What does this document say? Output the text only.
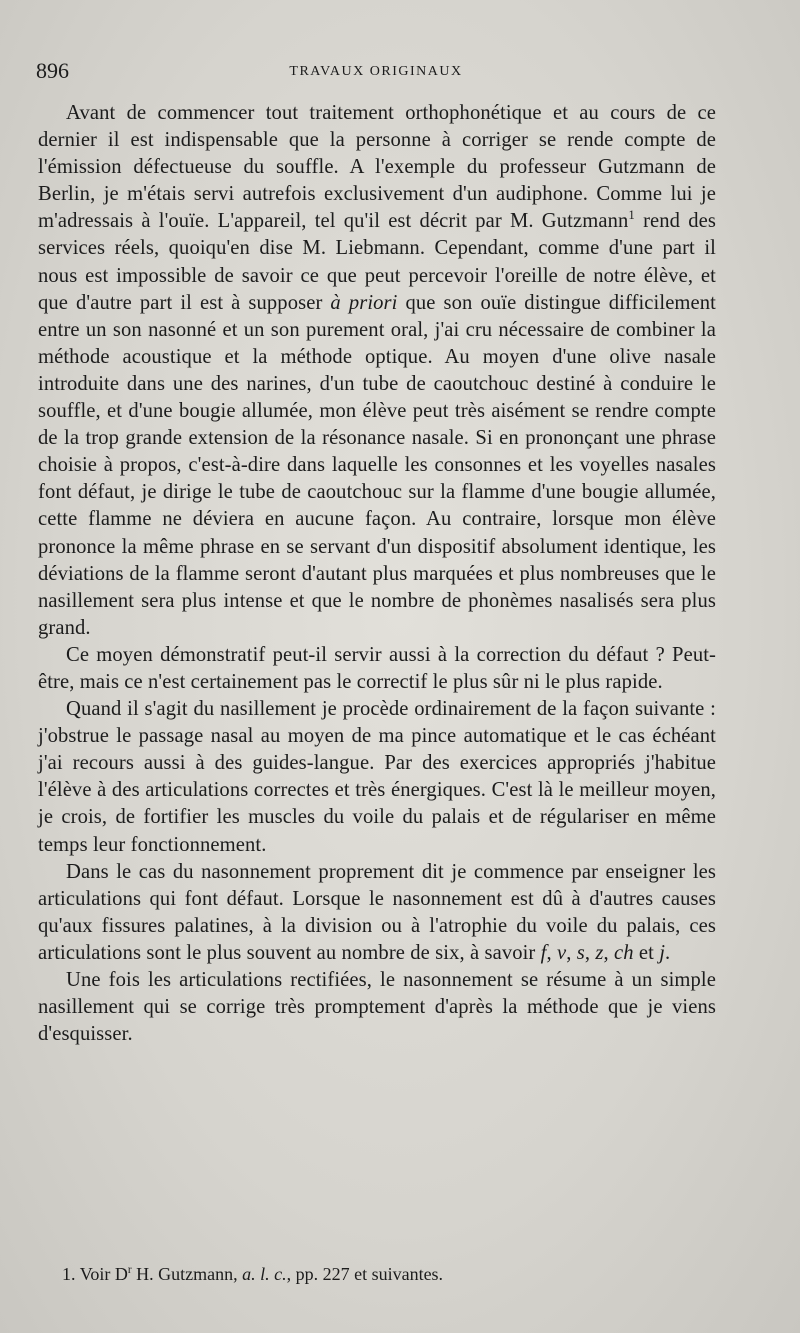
896	TRAVAUX ORIGINAUX

Avant de commencer tout traitement orthophonétique et au cours de ce dernier il est indispensable que la personne à corriger se rende compte de l'émission défectueuse du souffle. A l'exemple du professeur Gutzmann de Berlin, je m'étais servi autrefois exclusivement d'un audiphone. Comme lui je m'adressais à l'ouïe. L'appareil, tel qu'il est décrit par M. Gutzmann$^1$ rend des services réels, quoiqu'en dise M. Liebmann. Cependant, comme d'une part il nous est impossible de savoir ce que peut percevoir l'oreille de notre élève, et que d'autre part il est à supposer à priori que son ouïe distingue difficilement entre un son nasonné et un son purement oral, j'ai cru nécessaire de combiner la méthode acoustique et la méthode optique. Au moyen d'une olive nasale introduite dans une des narines, d'un tube de caoutchouc destiné à conduire le souffle, et d'une bougie allumée, mon élève peut très aisément se rendre compte de la trop grande extension de la résonance nasale. Si en prononçant une phrase choisie à propos, c'est-à-dire dans laquelle les consonnes et les voyelles nasales font défaut, je dirige le tube de caoutchouc sur la flamme d'une bougie allumée, cette flamme ne déviera en aucune façon. Au contraire, lorsque mon élève prononce la même phrase en se servant d'un dispositif absolument identique, les déviations de la flamme seront d'autant plus marquées et plus nombreuses que le nasillement sera plus intense et que le nombre de phonèmes nasalisés sera plus grand.

Ce moyen démonstratif peut-il servir aussi à la correction du défaut ? Peut-être, mais ce n'est certainement pas le correctif le plus sûr ni le plus rapide.

Quand il s'agit du nasillement je procède ordinairement de la façon suivante : j'obstrue le passage nasal au moyen de ma pince automatique et le cas échéant j'ai recours aussi à des guides-langue. Par des exercices appropriés j'habitue l'élève à des articulations correctes et très énergiques. C'est là le meilleur moyen, je crois, de fortifier les muscles du voile du palais et de régulariser en même temps leur fonctionnement.

Dans le cas du nasonnement proprement dit je commence par enseigner les articulations qui font défaut. Lorsque le nasonnement est dû à d'autres causes qu'aux fissures palatines, à la division ou à l'atrophie du voile du palais, ces articulations sont le plus souvent au nombre de six, à savoir f, v, s, z, ch et j.

Une fois les articulations rectifiées, le nasonnement se résume à un simple nasillement qui se corrige très promptement d'après la méthode que je viens d'esquisser.

1. Voir $D^r$ H. Gutzmann, a. l. c., pp. 227 et suivantes.
